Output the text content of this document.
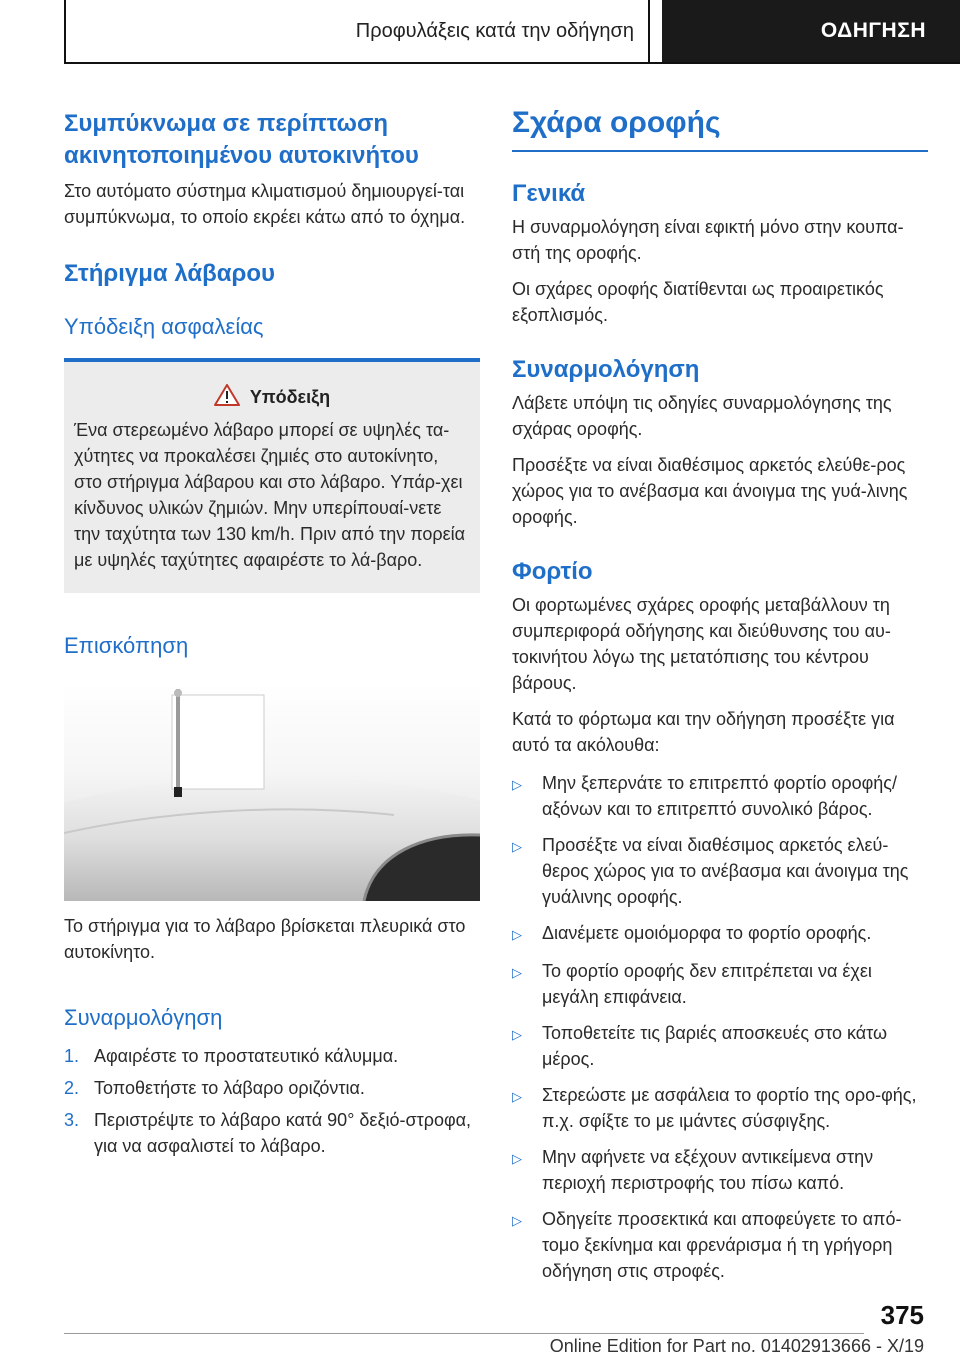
Προφυλάξεις κατά την οδήγηση	ΟΔΗΓΗΣΗ
Συμπύκνωμα σε περίπτωση ακινητοποιημένου αυτοκινήτου

Στο αυτόματο σύστημα κλιματισμού δημιουργεί-ται συμπύκνωμα, το οποίο εκρέει κάτω από το όχημα.

Στήριγμα λάβαρου
Υπόδειξη ασφαλείας
Υπόδειξη

Ένα στερεωμένο λάβαρο μπορεί σε υψηλές τα-χύτητες να προκαλέσει ζημιές στο αυτοκίνητο, στο στήριγμα λάβαρου και στο λάβαρο. Υπάρ-χει κίνδυνος υλικών ζημιών. Μην υπερίπουαί-νετε την ταχύτητα των 130 km/h. Πριν από την πορεία με υψηλές ταχύτητες αφαιρέστε το λά-βαρο.

Επισκόπηση

Το στήριγμα για το λάβαρο βρίσκεται πλευρικά στο αυτοκίνητο.

Συναρμολόγηση
1. Αφαιρέστε το προστατευτικό κάλυμμα.
2. Τοποθετήστε το λάβαρο οριζόντια.
3. Περιστρέψτε το λάβαρο κατά 90° δεξιό-στροφα, για να ασφαλιστεί το λάβαρο.
Σχάρα οροφής
Γενικά

Η συναρμολόγηση είναι εφικτή μόνο στην κουπα-στή της οροφής.

Οι σχάρες οροφής διατίθενται ως προαιρετικός εξοπλισμός.

Συναρμολόγηση

Λάβετε υπόψη τις οδηγίες συναρμολόγησης της σχάρας οροφής.

Προσέξτε να είναι διαθέσιμος αρκετός ελεύθε-ρος χώρος για το ανέβασμα και άνοιγμα της γυά-λινης οροφής.

Φορτίο

Οι φορτωμένες σχάρες οροφής μεταβάλλουν τη συμπεριφορά οδήγησης και διεύθυνσης του αυ-τοκινήτου λόγω της μετατόπισης του κέντρου βάρους.

Κατά το φόρτωμα και την οδήγηση προσέξτε για αυτό τα ακόλουθα:

▷	Μην ξεπερνάτε το επιτρεπτό φορτίο οροφής/ αξόνων και το επιτρεπτό συνολικό βάρος.
▷	Προσέξτε να είναι διαθέσιμος αρκετός ελεύ-θερος χώρος για το ανέβασμα και άνοιγμα της γυάλινης οροφής.
▷	Διανέμετε ομοιόμορφα το φορτίο οροφής.
▷	Το φορτίο οροφής δεν επιτρέπεται να έχει μεγάλη επιφάνεια.
▷	Τοποθετείτε τις βαριές αποσκευές στο κάτω μέρος.
▷	Στερεώστε με ασφάλεια το φορτίο της ορο-φής, π.χ. σφίξτε το με ιμάντες σύσφιγξης.
▷	Μην αφήνετε να εξέχουν αντικείμενα στην περιοχή περιστροφής του πίσω καπό.
▷	Οδηγείτε προσεκτικά και αποφεύγετε το από-τομο ξεκίνημα και φρενάρισμα ή τη γρήγορη οδήγηση στις στροφές.
375
Online Edition for Part no. 01402913666 - X/19
